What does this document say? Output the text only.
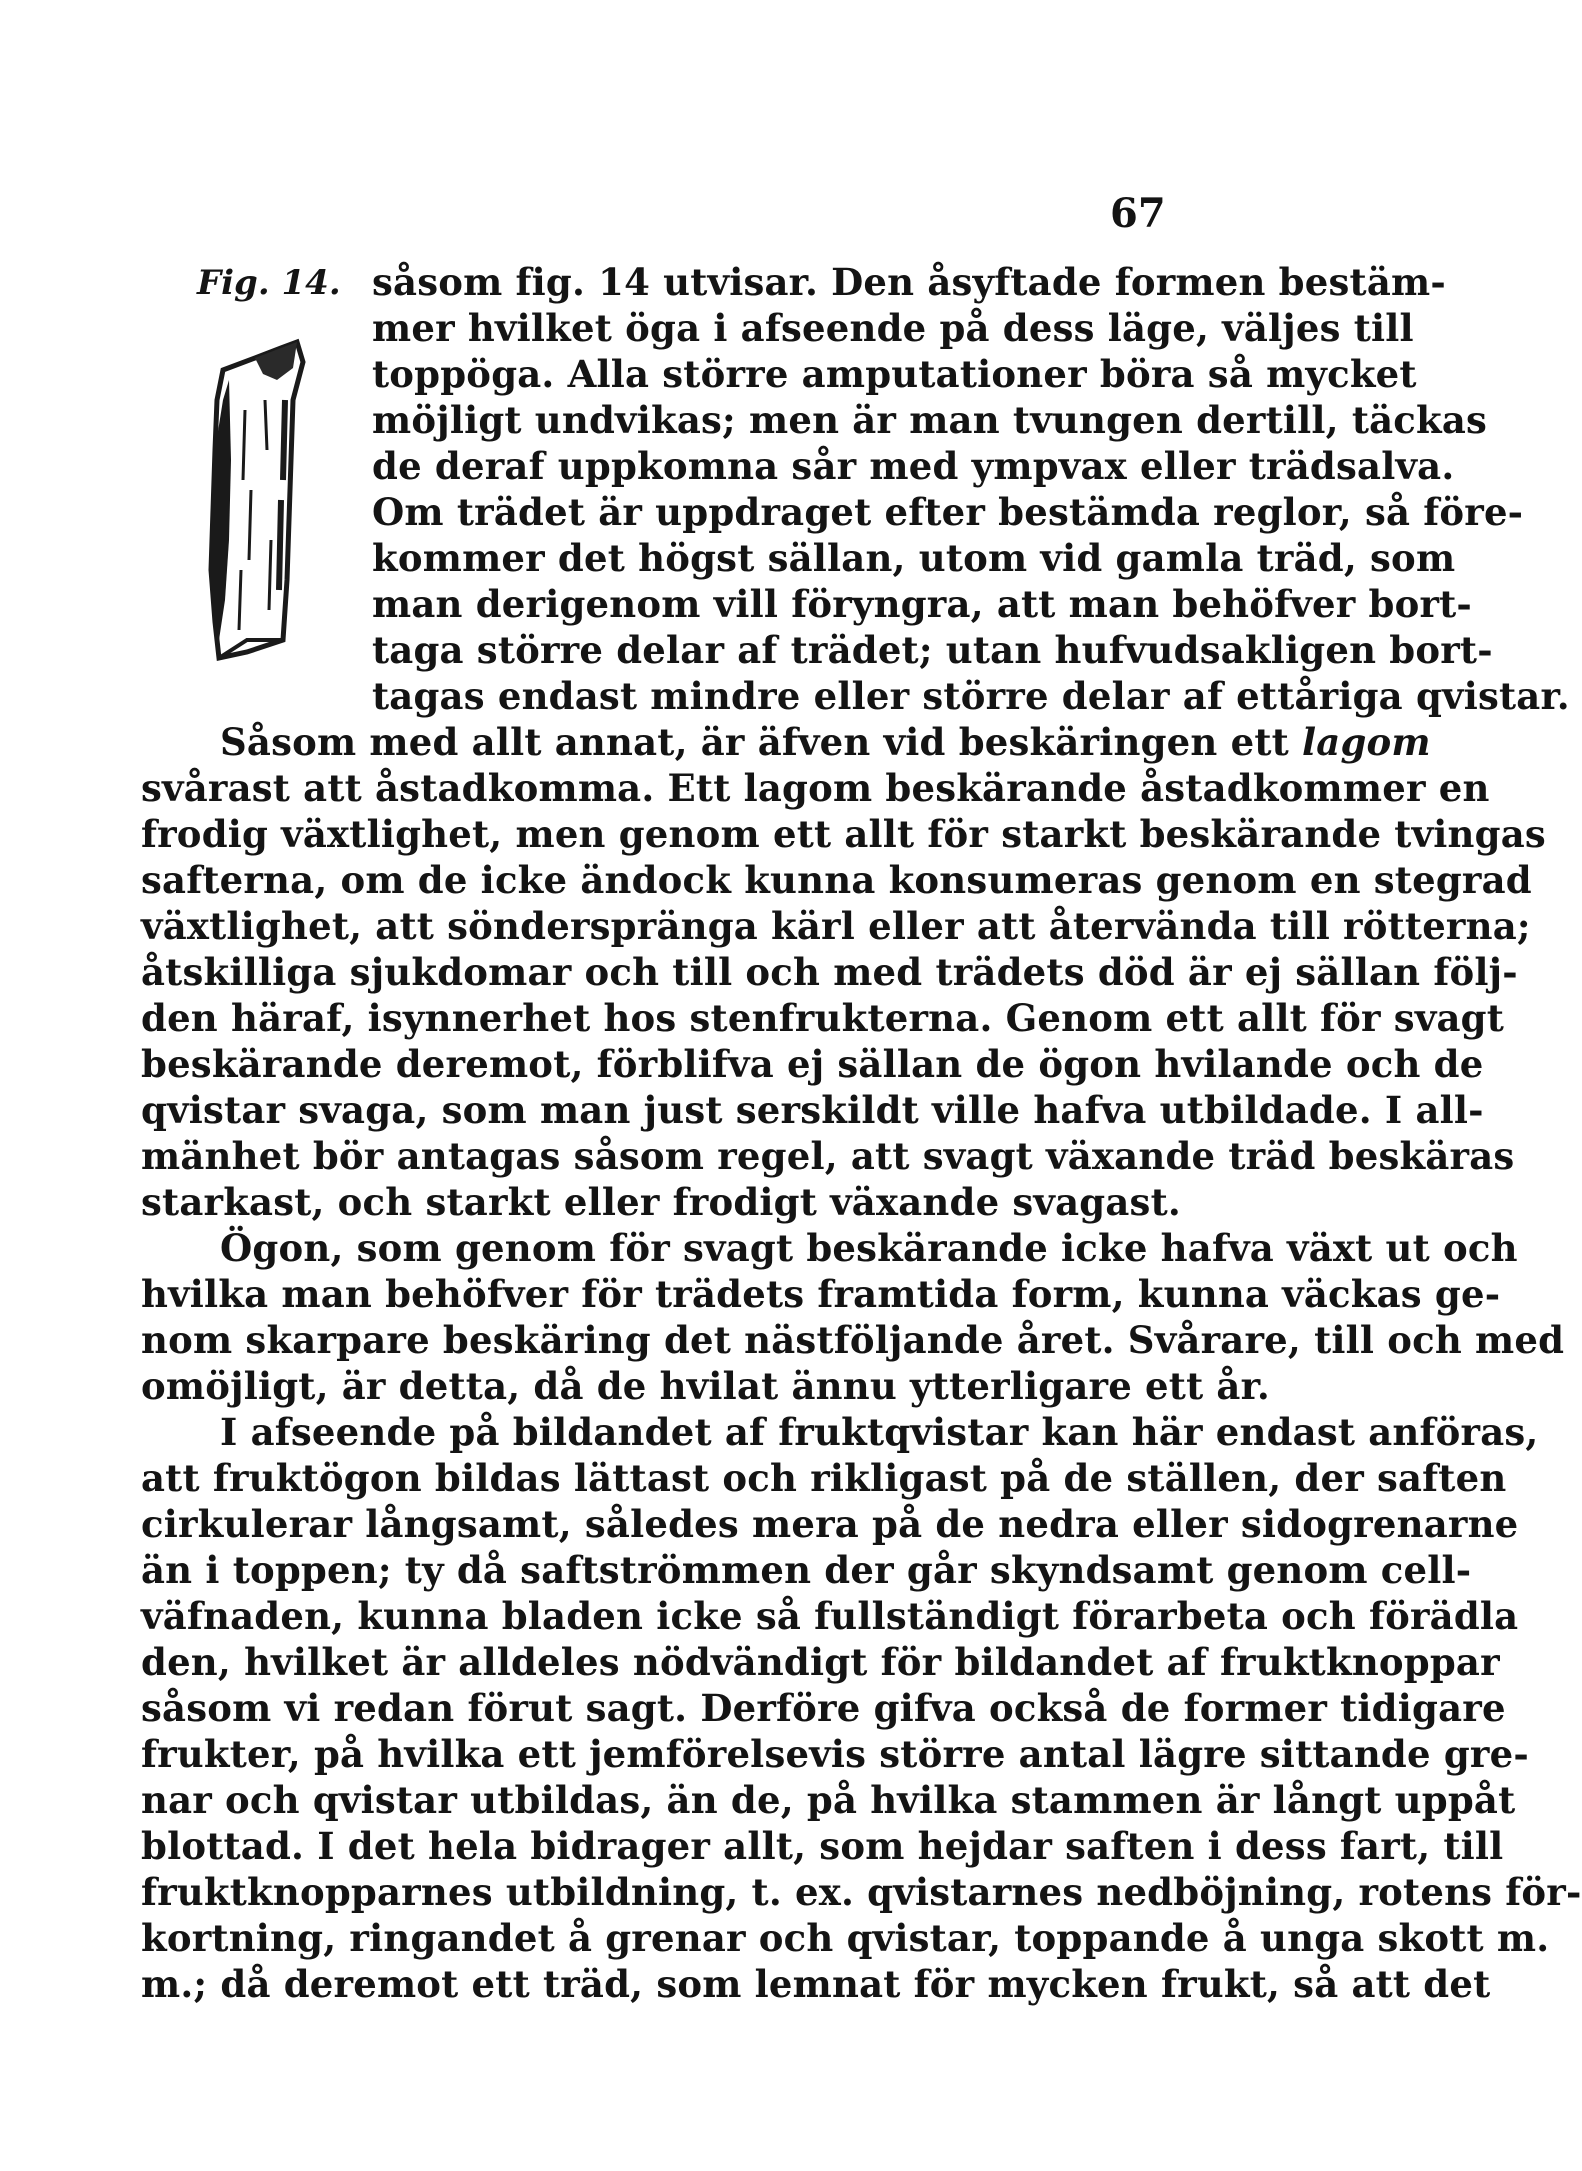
67
Fig. 14. såsom fig. 14 utvisar. Den åsyftade formen bestäm-
mer hvilket öga i afseende på dess läge, väljes till
toppöga. Alla större amputationer böra så mycket
möjligt undvikas; men är man tvungen dertill, täckas
de deraf uppkomna sår med ympvax eller trädsalva.
Om trädet är uppdraget efter bestämda reglor, så före-
kommer det högst sällan, utom vid gamla träd, som
man derigenom vill föryngra, att man behöfver bort-
taga större delar af trädet; utan hufvudsakligen bort-
tagas endast mindre eller större delar af ettåriga qvistar.
Såsom med allt annat, är äfven vid beskäringen ett lagom
svårast att åstadkomma. Ett lagom beskärande åstadkommer en
frodig växtlighet, men genom ett allt för starkt beskärande tvingas
safterna, om de icke ändock kunna konsumeras genom en stegrad
växtlighet, att sönderspränga kärl eller att återvända till rötterna;
åtskilliga sjukdomar och till och med trädets död är ej sällan följ-
den häraf, isynnerhet hos stenfrukterna. Genom ett allt för svagt
beskärande deremot, förblifva ej sällan de ögon hvilande och de
qvistar svaga, som man just serskildt ville hafva utbildade. I all-
mänhet bör antagas såsom regel, att svagt växande träd beskäras
starkast, och starkt eller frodigt växande svagast.
Ögon, som genom för svagt beskärande icke hafva växt ut och
hvilka man behöfver för trädets framtida form, kunna väckas ge-
nom skarpare beskäring det nästföljande året. Svårare, till och med
omöjligt, är detta, då de hvilat ännu ytterligare ett år.
I afseende på bildandet af fruktqvistar kan här endast anföras,
att fruktögon bildas lättast och rikligast på de ställen, der saften
cirkulerar långsamt, således mera på de nedra eller sidogrenarne
än i toppen; ty då saftströmmen der går skyndsamt genom cell-
väfnaden, kunna bladen icke så fullständigt förarbeta och förädla
den, hvilket är alldeles nödvändigt för bildandet af fruktknoppar
såsom vi redan förut sagt. Derföre gifva också de former tidigare
frukter, på hvilka ett jemförelsevis större antal lägre sittande gre-
nar och qvistar utbildas, än de, på hvilka stammen är långt uppåt
blottad. I det hela bidrager allt, som hejdar saften i dess fart, till
fruktknopparnes utbildning, t. ex. qvistarnes nedböjning, rotens för-
kortning, ringandet å grenar och qvistar, toppande å unga skott m.
m.; då deremot ett träd, som lemnat för mycken frukt, så att det
